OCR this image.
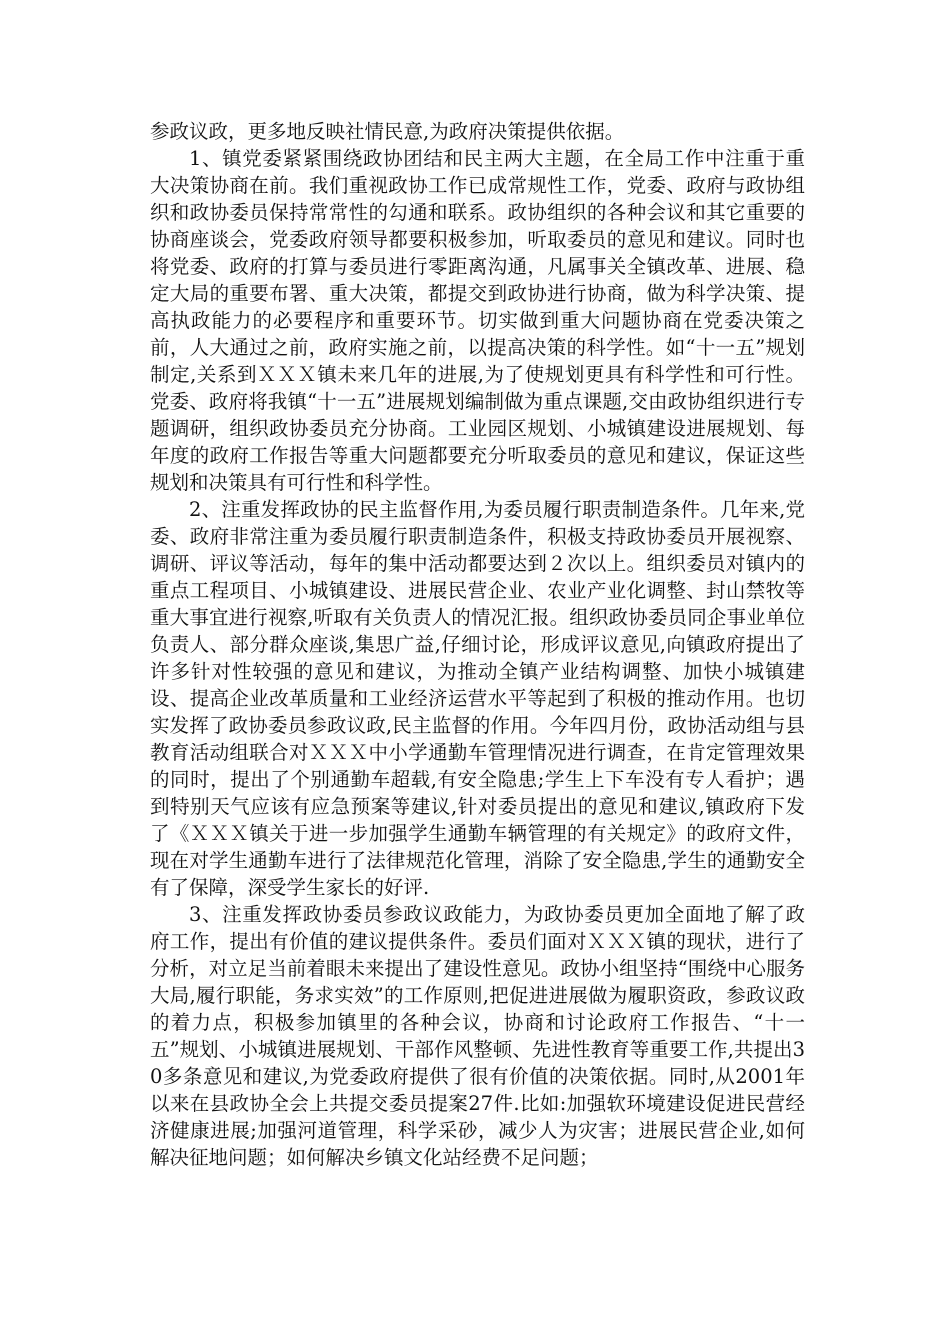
参政议政，更多地反映社情民意,为政府决策提供依据。

1、镇党委紧紧围绕政协团结和民主两大主题，在全局工作中注重于重大决策协商在前。我们重视政协工作已成常规性工作，党委、政府与政协组织和政协委员保持常常性的勾通和联系。政协组织的各种会议和其它重要的协商座谈会，党委政府领导都要积极参加，听取委员的意见和建议。同时也将党委、政府的打算与委员进行零距离沟通，凡属事关全镇改革、进展、稳定大局的重要布署、重大决策，都提交到政协进行协商，做为科学决策、提高执政能力的必要程序和重要环节。切实做到重大问题协商在党委决策之前，人大通过之前，政府实施之前，以提高决策的科学性。如“十一五”规划制定,关系到ＸＸＸ镇未来几年的进展,为了使规划更具有科学性和可行性。党委、政府将我镇“十一五”进展规划编制做为重点课题,交由政协组织进行专题调研，组织政协委员充分协商。工业园区规划、小城镇建设进展规划、每年度的政府工作报告等重大问题都要充分听取委员的意见和建议，保证这些规划和决策具有可行性和科学性。

2、注重发挥政协的民主监督作用,为委员履行职责制造条件。几年来,党委、政府非常注重为委员履行职责制造条件，积极支持政协委员开展视察、调研、评议等活动，每年的集中活动都要达到２次以上。组织委员对镇内的重点工程项目、小城镇建设、进展民营企业、农业产业化调整、封山禁牧等重大事宜进行视察,听取有关负责人的情况汇报。组织政协委员同企事业单位负责人、部分群众座谈,集思广益,仔细讨论，形成评议意见,向镇政府提出了许多针对性较强的意见和建议，为推动全镇产业结构调整、加快小城镇建设、提高企业改革质量和工业经济运营水平等起到了积极的推动作用。也切实发挥了政协委员参政议政,民主监督的作用。今年四月份，政协活动组与县教育活动组联合对ＸＸＸ中小学通勤车管理情况进行调查，在肯定管理效果的同时，提出了个别通勤车超载,有安全隐患;学生上下车没有专人看护；遇到特别天气应该有应急预案等建议,针对委员提出的意见和建议,镇政府下发了《ＸＸＸ镇关于进一步加强学生通勤车辆管理的有关规定》的政府文件，现在对学生通勤车进行了法律规范化管理，消除了安全隐患,学生的通勤安全有了保障，深受学生家长的好评.

3、注重发挥政协委员参政议政能力，为政协委员更加全面地了解了政府工作，提出有价值的建议提供条件。委员们面对ＸＸＸ镇的现状，进行了分析，对立足当前着眼未来提出了建设性意见。政协小组坚持“围绕中心服务大局,履行职能，务求实效”的工作原则,把促进进展做为履职资政，参政议政的着力点，积极参加镇里的各种会议，协商和讨论政府工作报告、“十一五”规划、小城镇进展规划、干部作风整顿、先进性教育等重要工作,共提出30多条意见和建议,为党委政府提供了很有价值的决策依据。同时,从2001年以来在县政协全会上共提交委员提案27件.比如:加强软环境建设促进民营经济健康进展;加强河道管理，科学采砂，减少人为灾害；进展民营企业,如何解决征地问题；如何解决乡镇文化站经费不足问题；
